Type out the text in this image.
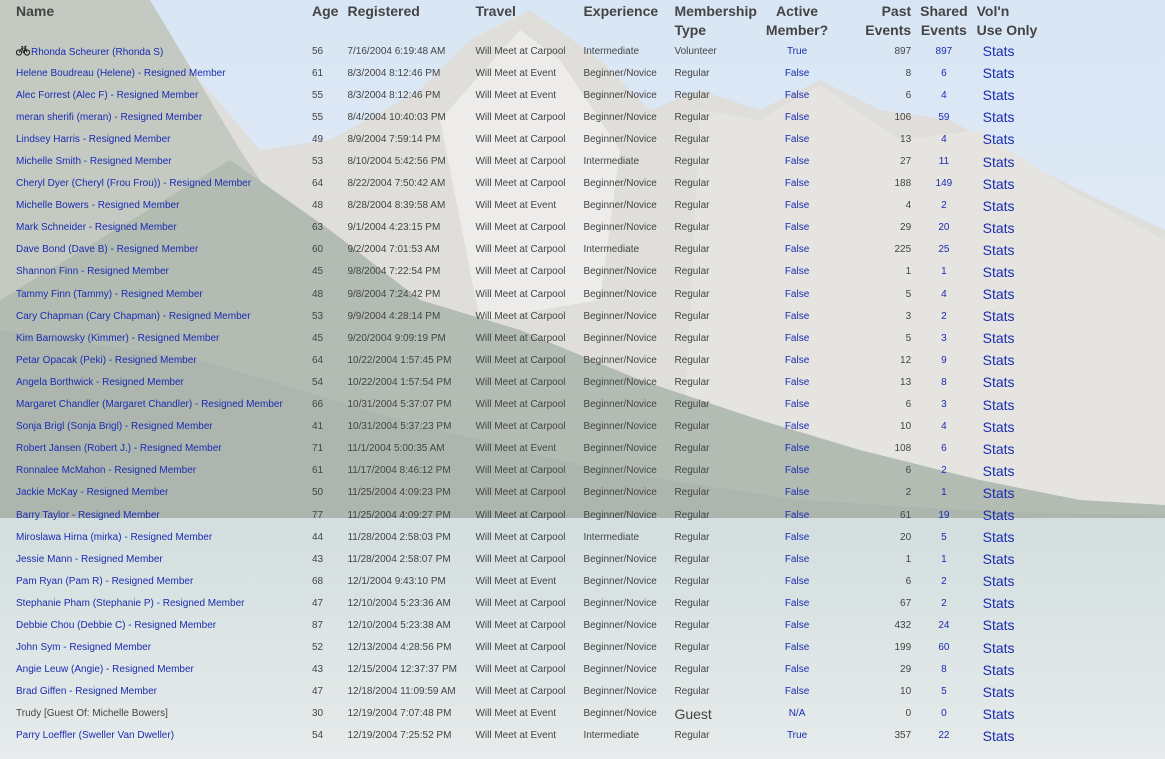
Name	Age	Registered	Travel	Experience	Membership Type	Active Member?	Past Events	Shared Events	Vol'n Use Only
Rhonda Scheurer (Rhonda S)	56	7/16/2004 6:19:48 AM	Will Meet at Carpool	Intermediate	Volunteer	True	897	897	Stats
Helene Boudreau (Helene) - Resigned Member	61	8/3/2004 8:12:46 PM	Will Meet at Event	Beginner/Novice	Regular	False	8	6	Stats
Alec Forrest (Alec F) - Resigned Member	55	8/3/2004 8:12:46 PM	Will Meet at Event	Beginner/Novice	Regular	False	6	4	Stats
meran sherifi (meran) - Resigned Member	55	8/4/2004 10:40:03 PM	Will Meet at Carpool	Beginner/Novice	Regular	False	106	59	Stats
Lindsey Harris - Resigned Member	49	8/9/2004 7:59:14 PM	Will Meet at Carpool	Beginner/Novice	Regular	False	13	4	Stats
Michelle Smith - Resigned Member	53	8/10/2004 5:42:56 PM	Will Meet at Carpool	Intermediate	Regular	False	27	11	Stats
Cheryl Dyer (Cheryl (Frou Frou)) - Resigned Member	64	8/22/2004 7:50:42 AM	Will Meet at Carpool	Beginner/Novice	Regular	False	188	149	Stats
Michelle Bowers - Resigned Member	48	8/28/2004 8:39:58 AM	Will Meet at Event	Beginner/Novice	Regular	False	4	2	Stats
Mark Schneider - Resigned Member	63	9/1/2004 4:23:15 PM	Will Meet at Carpool	Beginner/Novice	Regular	False	29	20	Stats
Dave Bond (Dave B) - Resigned Member	60	9/2/2004 7:01:53 AM	Will Meet at Carpool	Intermediate	Regular	False	225	25	Stats
Shannon Finn - Resigned Member	45	9/8/2004 7:22:54 PM	Will Meet at Carpool	Beginner/Novice	Regular	False	1	1	Stats
Tammy Finn (Tammy) - Resigned Member	48	9/8/2004 7:24:42 PM	Will Meet at Carpool	Beginner/Novice	Regular	False	5	4	Stats
Cary Chapman (Cary Chapman) - Resigned Member	53	9/9/2004 4:28:14 PM	Will Meet at Carpool	Beginner/Novice	Regular	False	3	2	Stats
Kim Barnowsky (Kimmer) - Resigned Member	45	9/20/2004 9:09:19 PM	Will Meet at Carpool	Beginner/Novice	Regular	False	5	3	Stats
Petar Opacak (Peki) - Resigned Member	64	10/22/2004 1:57:45 PM	Will Meet at Carpool	Beginner/Novice	Regular	False	12	9	Stats
Angela Borthwick - Resigned Member	54	10/22/2004 1:57:54 PM	Will Meet at Carpool	Beginner/Novice	Regular	False	13	8	Stats
Margaret Chandler (Margaret Chandler) - Resigned Member	66	10/31/2004 5:37:07 PM	Will Meet at Carpool	Beginner/Novice	Regular	False	6	3	Stats
Sonja Brigl (Sonja Brigl) - Resigned Member	41	10/31/2004 5:37:23 PM	Will Meet at Carpool	Beginner/Novice	Regular	False	10	4	Stats
Robert Jansen (Robert J.) - Resigned Member	71	11/1/2004 5:00:35 AM	Will Meet at Event	Beginner/Novice	Regular	False	108	6	Stats
Ronnalee McMahon - Resigned Member	61	11/17/2004 8:46:12 PM	Will Meet at Carpool	Beginner/Novice	Regular	False	6	2	Stats
Jackie McKay - Resigned Member	50	11/25/2004 4:09:23 PM	Will Meet at Carpool	Beginner/Novice	Regular	False	2	1	Stats
Barry Taylor - Resigned Member	77	11/25/2004 4:09:27 PM	Will Meet at Carpool	Beginner/Novice	Regular	False	61	19	Stats
Miroslawa Hirna (mirka) - Resigned Member	44	11/28/2004 2:58:03 PM	Will Meet at Carpool	Intermediate	Regular	False	20	5	Stats
Jessie Mann - Resigned Member	43	11/28/2004 2:58:07 PM	Will Meet at Carpool	Beginner/Novice	Regular	False	1	1	Stats
Pam Ryan (Pam R) - Resigned Member	68	12/1/2004 9:43:10 PM	Will Meet at Event	Beginner/Novice	Regular	False	6	2	Stats
Stephanie Pham (Stephanie P) - Resigned Member	47	12/10/2004 5:23:36 AM	Will Meet at Carpool	Beginner/Novice	Regular	False	67	2	Stats
Debbie Chou (Debbie C) - Resigned Member	87	12/10/2004 5:23:38 AM	Will Meet at Carpool	Beginner/Novice	Regular	False	432	24	Stats
John Sym - Resigned Member	52	12/13/2004 4:28:56 PM	Will Meet at Carpool	Beginner/Novice	Regular	False	199	60	Stats
Angie Leuw (Angie) - Resigned Member	43	12/15/2004 12:37:37 PM	Will Meet at Carpool	Beginner/Novice	Regular	False	29	8	Stats
Brad Giffen - Resigned Member	47	12/18/2004 11:09:59 AM	Will Meet at Carpool	Beginner/Novice	Regular	False	10	5	Stats
Trudy [Guest Of: Michelle Bowers]	30	12/19/2004 7:07:48 PM	Will Meet at Event	Beginner/Novice	Guest	N/A	0	0	Stats
Parry Loeffler (Sweller Van Dweller)	54	12/19/2004 7:25:52 PM	Will Meet at Event	Intermediate	Regular	True	357	22	Stats
